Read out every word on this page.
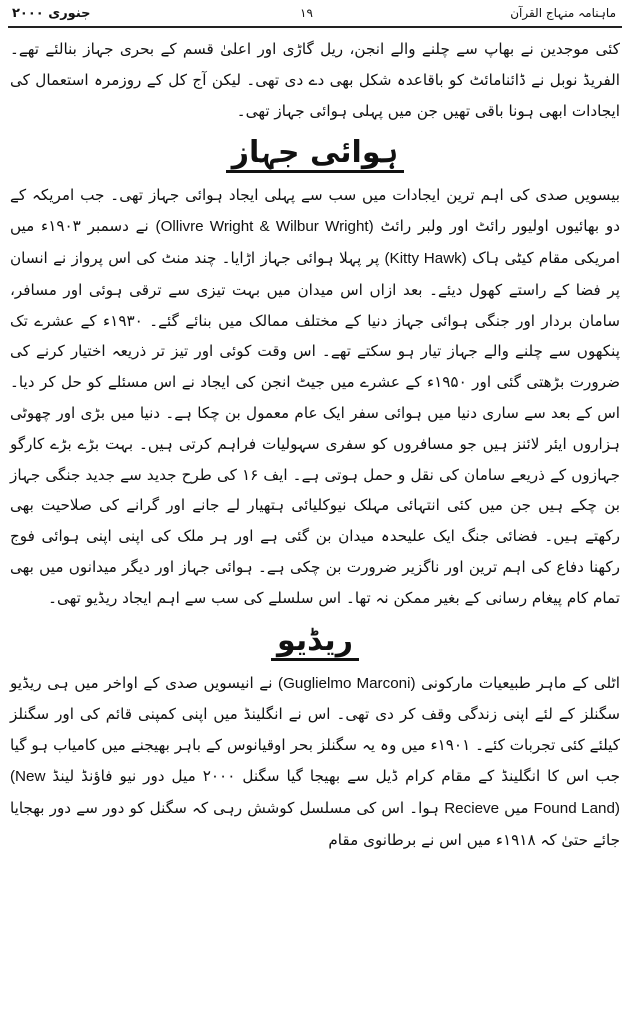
جنوری ۲۰۰۰	۱۹	ماہنامہ منہاج القرآن

کئی موجدین نے بھاپ سے چلنے والے انجن، ریل گاڑی اور اعلیٰ قسم کے بحری جہاز بنالئے تھے۔ الفریڈ نوبل نے ڈائنامائٹ کو باقاعدہ شکل بھی دے دی تھی۔ لیکن آج کل کے روزمرہ استعمال کی ایجادات ابھی ہونا باقی تھیں جن میں پہلی ہوائی جہاز تھی۔

ہوائی جہاز

بیسویں صدی کی اہم ترین ایجادات میں سب سے پہلی ایجاد ہوائی جہاز تھی۔ جب امریکہ کے دو بھائیوں اولیور رائٹ اور ولبر رائٹ (Ollivre Wright & Wilbur Wright) نے دسمبر ۱۹۰۳ء میں امریکی مقام کیٹی ہاک (Kitty Hawk) پر پہلا ہوائی جہاز اڑایا۔ چند منٹ کی اس پرواز نے انسان پر فضا کے راستے کھول دیئے۔ بعد ازاں اس میدان میں بہت تیزی سے ترقی ہوئی اور مسافر، سامان بردار اور جنگی ہوائی جہاز دنیا کے مختلف ممالک میں بنائے گئے۔ ۱۹۳۰ء کے عشرے تک پنکھوں سے چلنے والے جہاز تیار ہو سکتے تھے۔ اس وقت کوئی اور تیز تر ذریعہ اختیار کرنے کی ضرورت بڑھتی گئی اور ۱۹۵۰ء کے عشرے میں جیٹ انجن کی ایجاد نے اس مسئلے کو حل کر دیا۔ اس کے بعد سے ساری دنیا میں ہوائی سفر ایک عام معمول بن چکا ہے۔ دنیا میں بڑی اور چھوٹی ہزاروں ایئر لائنز ہیں جو مسافروں کو سفری سہولیات فراہم کرتی ہیں۔ بہت بڑے بڑے کارگو جہازوں کے ذریعے سامان کی نقل و حمل ہوتی ہے۔ ایف ۱۶ کی طرح جدید سے جدید جنگی جہاز بن چکے ہیں جن میں کئی انتہائی مہلک نیوکلیائی ہتھیار لے جانے اور گرانے کی صلاحیت بھی رکھتے ہیں۔ فضائی جنگ ایک علیحدہ میدان بن گئی ہے اور ہر ملک کی اپنی اپنی ہوائی فوج رکھنا دفاع کی اہم ترین اور ناگزیر ضرورت بن چکی ہے۔ ہوائی جہاز اور دیگر میدانوں میں بھی تمام کام پیغام رسانی کے بغیر ممکن نہ تھا۔ اس سلسلے کی سب سے اہم ایجاد ریڈیو تھی۔

ریڈیو

اٹلی کے ماہر طبیعیات مارکونی (Guglielmo Marconi) نے انیسویں صدی کے اواخر میں ہی ریڈیو سگنلز کے لئے اپنی زندگی وقف کر دی تھی۔ اس نے انگلینڈ میں اپنی کمپنی قائم کی اور سگنلز کیلئے کئی تجربات کئے۔ ۱۹۰۱ء میں وہ یہ سگنلز بحر اوقیانوس کے باہر بھیجنے میں کامیاب ہو گیا جب اس کا انگلینڈ کے مقام کرام ڈیل سے بھیجا گیا سگنل ۲۰۰۰ میل دور نیو فاؤنڈ لینڈ (New Found Land) میں Recieve ہوا۔ اس کی مسلسل کوشش رہی کہ سگنل کو دور سے دور بھجایا جائے حتیٰ کہ ۱۹۱۸ء میں اس نے برطانوی مقام
